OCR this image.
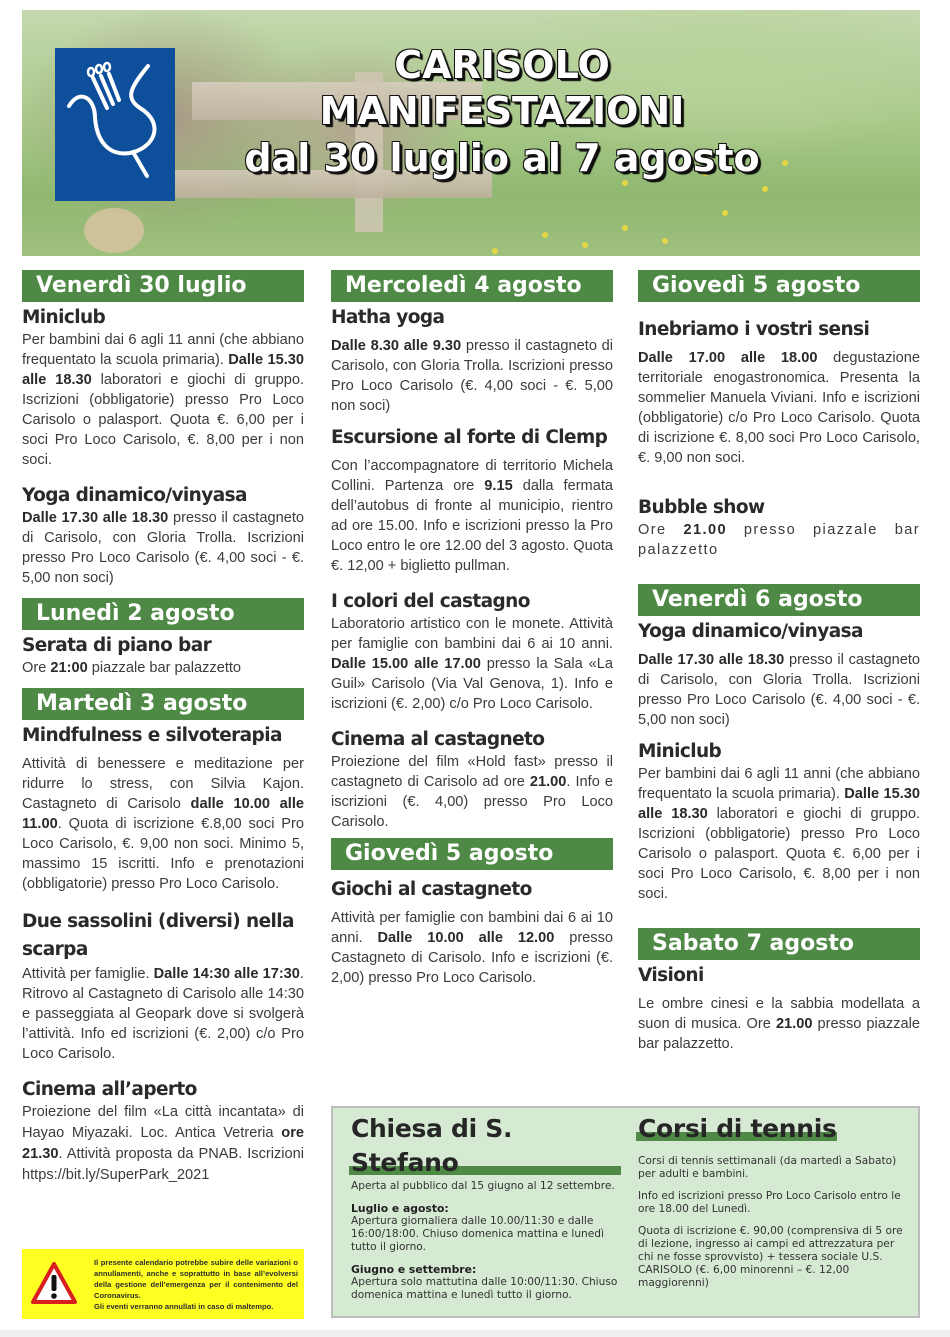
CARISOLO
MANIFESTAZIONI
dal 30 luglio al 7 agosto
Venerdì 30 luglio
Miniclub
Per bambini dai 6 agli 11 anni (che abbiano frequentato la scuola primaria). Dalle 15.30 alle 18.30 laboratori e giochi di gruppo. Iscrizioni (obbligatorie) presso Pro Loco Carisolo o palasport. Quota €. 6,00 per i soci Pro Loco Carisolo, €. 8,00 per i non soci.
Yoga dinamico/vinyasa
Dalle 17.30 alle 18.30 presso il castagneto di Carisolo, con Gloria Trolla. Iscrizioni presso Pro Loco Carisolo (€. 4,00 soci - €. 5,00 non soci)
Lunedì 2 agosto
Serata di piano bar
Ore 21:00 piazzale bar palazzetto
Martedì 3 agosto
Mindfulness e silvoterapia
Attività di benessere e meditazione per ridurre lo stress, con Silvia Kajon. Castagneto di Carisolo dalle 10.00 alle 11.00. Quota di iscrizione €.8,00 soci Pro Loco Carisolo, €. 9,00 non soci. Minimo 5, massimo 15 iscritti. Info e prenotazioni (obbligatorie) presso Pro Loco Carisolo.
Due sassolini (diversi) nella scarpa
Attività per famiglie. Dalle 14:30 alle 17:30. Ritrovo al Castagneto di Carisolo alle 14:30 e passeggiata al Geopark dove si svolgerà l’attività. Info ed iscrizioni (€. 2,00) c/o Pro Loco Carisolo.
Cinema all’aperto
Proiezione del film «La città incantata» di Hayao Miyazaki. Loc. Antica Vetreria ore 21.30. Attività proposta da PNAB. Iscrizioni https://bit.ly/SuperPark_2021
Il presente calendario potrebbe subire delle variazioni o annullamenti, anche e soprattutto in base all’evolversi della gestione dell’emergenza per il contenimento del Coronavirus.
Gli eventi verranno annullati in caso di maltempo.
Mercoledì 4 agosto
Hatha yoga
Dalle 8.30 alle 9.30 presso il castagneto di Carisolo, con Gloria Trolla. Iscrizioni presso Pro Loco Carisolo (€. 4,00 soci - €. 5,00 non soci)
Escursione al forte di Clemp
Con l’accompagnatore di territorio Michela Collini. Partenza ore 9.15 dalla fermata dell’autobus di fronte al municipio, rientro ad ore 15.00. Info e iscrizioni presso la Pro Loco entro le ore 12.00 del 3 agosto. Quota €. 12,00 + biglietto pullman.
I colori del castagno
Laboratorio artistico con le monete. Attività per famiglie con bambini dai 6 ai 10 anni. Dalle 15.00 alle 17.00 presso la Sala «La Guil» Carisolo (Via Val Genova, 1). Info e iscrizioni (€. 2,00) c/o Pro Loco Carisolo.
Cinema al castagneto
Proiezione del film «Hold fast» presso il castagneto di Carisolo ad ore 21.00. Info e iscrizioni (€. 4,00) presso Pro Loco Carisolo.
Giovedì 5 agosto
Giochi al castagneto
Attività per famiglie con bambini dai 6 ai 10 anni. Dalle 10.00 alle 12.00 presso Castagneto di Carisolo. Info e iscrizioni (€. 2,00) presso Pro Loco Carisolo.
Giovedì 5 agosto
Inebriamo i vostri sensi
Dalle 17.00 alle 18.00 degustazione territoriale enogastronomica. Presenta la sommelier Manuela Viviani. Info e iscrizioni (obbligatorie) c/o Pro Loco Carisolo. Quota di iscrizione €. 8,00 soci Pro Loco Carisolo, €. 9,00 non soci.
Bubble show
Ore 21.00 presso piazzale bar palazzetto
Venerdì 6 agosto
Yoga dinamico/vinyasa
Dalle 17.30 alle 18.30 presso il castagneto di Carisolo, con Gloria Trolla. Iscrizioni presso Pro Loco Carisolo (€. 4,00 soci - €. 5,00 non soci)
Miniclub
Per bambini dai 6 agli 11 anni (che abbiano frequentato la scuola primaria). Dalle 15.30 alle 18.30 laboratori e giochi di gruppo. Iscrizioni (obbligatorie) presso Pro Loco Carisolo o palasport. Quota €. 6,00 per i soci Pro Loco Carisolo, €. 8,00 per i non soci.
Sabato 7 agosto
Visioni
Le ombre cinesi e la sabbia modellata a suon di musica. Ore 21.00 presso piazzale bar palazzetto.
Chiesa di S. Stefano
Aperta al pubblico dal 15 giugno al 12 settembre.
Luglio e agosto:
Apertura giornaliera dalle 10.00/11:30 e dalle 16:00/18:00. Chiuso domenica mattina e lunedì tutto il giorno.
Giugno e settembre:
Apertura solo mattutina dalle 10:00/11:30. Chiuso domenica mattina e lunedì tutto il giorno.
Corsi di tennis
Corsi di tennis settimanali (da martedì a Sabato) per adulti e bambini.
Info ed iscrizioni presso Pro Loco Carisolo entro le ore 18.00 del Lunedì.
Quota di iscrizione €. 90,00 (comprensiva di 5 ore di lezione, ingresso ai campi ed attrezzatura per chi ne fosse sprovvisto) + tessera sociale U.S. CARISOLO (€. 6,00 minorenni – €. 12,00 maggiorenni)
